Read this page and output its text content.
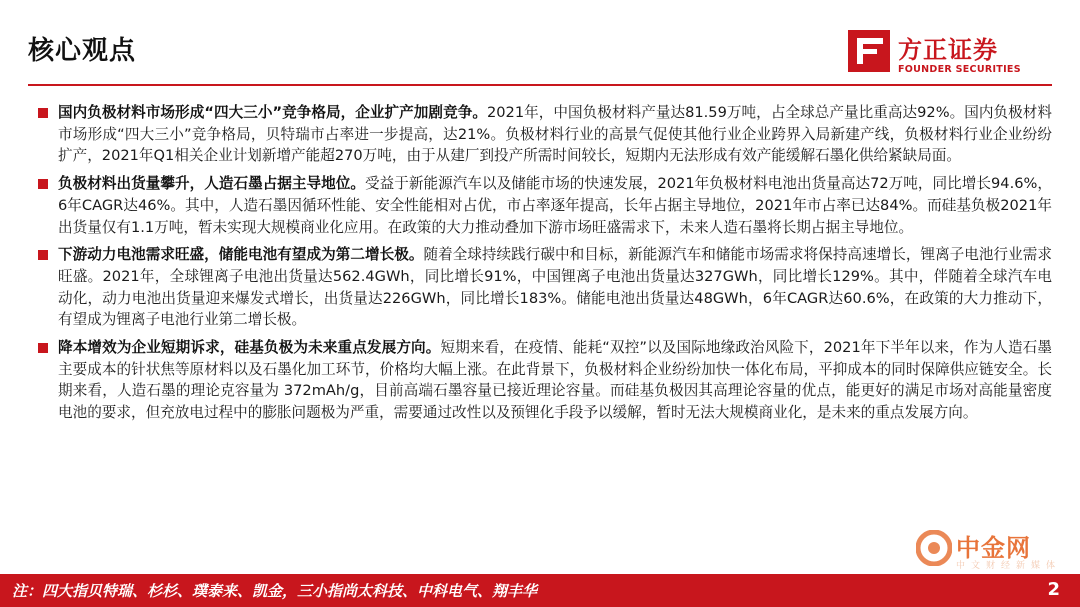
核心观点	方正证券
FOUNDER SECURITIES
国内负极材料市场形成“四大三小”竞争格局，企业扩产加剧竞争。2021年，中国负极材料产量达81.59万吨，占全球总产量比重高达92%。国内负极材料市场形成“四大三小”竞争格局，贝特瑞市占率进一步提高，达21%。负极材料行业的高景气促使其他行业企业跨界入局新建产线，负极材料行业企业纷纷扩产，2021年Q1相关企业计划新增产能超270万吨，由于从建厂到投产所需时间较长，短期内无法形成有效产能缓解石墨化供给紧缺局面。
负极材料出货量攀升，人造石墨占据主导地位。受益于新能源汽车以及储能市场的快速发展，2021年负极材料电池出货量高达72万吨，同比增长94.6%，6年CAGR达46%。其中，人造石墨因循环性能、安全性能相对占优，市占率逐年提高，长年占据主导地位，2021年市占率已达84%。而硅基负极2021年出货量仅有1.1万吨，暂未实现大规模商业化应用。在政策的大力推动叠加下游市场旺盛需求下，未来人造石墨将长期占据主导地位。
下游动力电池需求旺盛，储能电池有望成为第二增长极。随着全球持续践行碳中和目标，新能源汽车和储能市场需求将保持高速增长，锂离子电池行业需求旺盛。2021年，全球锂离子电池出货量达562.4GWh，同比增长91%，中国锂离子电池出货量达327GWh，同比增长129%。其中，伴随着全球汽车电动化，动力电池出货量迎来爆发式增长，出货量达226GWh，同比增长183%。储能电池出货量达48GWh，6年CAGR达60.6%，在政策的大力推动下，有望成为锂离子电池行业第二增长极。
降本增效为企业短期诉求，硅基负极为未来重点发展方向。短期来看，在疫情、能耗“双控”以及国际地缘政治风险下，2021年下半年以来，作为人造石墨主要成本的针状焦等原材料以及石墨化加工环节，价格均大幅上涨。在此背景下，负极材料企业纷纷加快一体化布局，平抑成本的同时保障供应链安全。长期来看，人造石墨的理论克容量为 372mAh/g，目前高端石墨容量已接近理论容量。而硅基负极因其高理论容量的优点，能更好的满足市场对高能量密度电池的要求，但充放电过程中的膨胀问题极为严重，需要通过改性以及预锂化手段予以缓解，暂时无法大规模商业化，是未来的重点发展方向。
中金网
中文财经新媒体
注：四大指贝特瑞、杉杉、璞泰来、凯金，三小指尚太科技、中科电气、翔丰华	2
